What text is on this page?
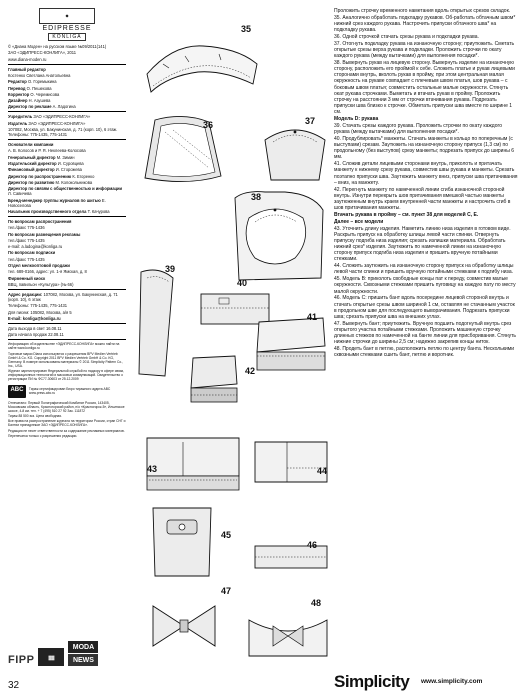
◆
EDIPRESSE
KONLIGA

© «Диана Моден» на русском языке №09/2011(141)

ЗАО «ЭДИПРЕСС-КОНЛИГА», 2011

www.diana-moden.ru

Главный редактор

Костенко Светлана Анатольевна

Редактор О. Горемыкина

Перевод О. Пешехова

Корректор О. Черемисова

Дизайнер Н. Азушева

Директор по рекламе А. Ладогина

Учредитель ЗАО «ЭДИПРЕСС-КОНЛИГА»

Издатель ЗАО «ЭДИПРЕСС-КОНЛИГА»

107082, Москва, ул. Бакунинская, д. 71 (корп. 10), 6 этаж. Телефоны: 775-1435, 775-1431

Основатели компании

А. В. Колосов и Р. Я. Неклеева-Колосова

Генеральный директор М. Зимин

Издательский директор И. Суровцева

Финансовый директор И. Сторожева

Директор по распространению К. Егоренко

Директор по развитию М. Колокольникова

Директор по связям с общественностью и информации Л. Савичева

Бренд-менеджер группы журналов по шитью Е. Новоселова

Начальник производственного отдела Т. Качурова

По вопросам распространения

тел./факс 775-1436

По вопросам размещения рекламы

тел./факс 775-1435

e-mail: a.ladogina@konliga.ru

По вопросам подписки

тел./факс 775-1435

Отдел мелкооптовой продажи

тел. 689-0166, адрес: ул. 1-я Ямская, д. 8

Фирменный киоск

ВВЦ, павильон «Культура» (№ 66)

Адрес редакции: 107082, Москва, ул. Бакунинская, д. 71 (корп. 10), 6 этаж

Телефоны: 775-1435, 775-1431

Для писем: 105082, Москва, а/я 5

E-mail: konliga@konliga.ru

Дата выхода в свет 16.08.11

Дата начала продаж 22.08.11

Информацию об издательстве «ЭДИПРЕСС-КОНЛИГА» можно найти на сайте www.konliga.ru

Торговые марки Diana используются с разрешения BPV Medien Vertrieb GmbH & Co. KG. Copyright 2011 BPV Medien Vertrieb GmbH & Co. KG, Germany. В номере использованы материалы © 2011 Simplicity Pattern Co., Inc., USA.

Журнал зарегистрирован Федеральной службой по надзору в сфере связи, информационных технологий и массовых коммуникаций. Свидетельство о регистрации ПИ № ФС77-30603 от 25.12.2009

ABC	Тираж сертифицирован Бюро тиражного аудита ABC www.press-abc.ru

Отпечатано: Первый Полиграфический Комбинат Россия, 143405, Московская область, Красногорский район, п/о «Красногорск-5», Ильинское шоссе, 4-й км. тел. + 7 (495) 510 27 92 Зак. 111872

Тираж 88 500 экз. Цена свободная.

Все права на распространение журнала на территории России, стран СНГ и Балтии принадлежат ЗАО «ЭДИПРЕСС-КОНЛИГА».

Редакция не несет ответственности за содержание рекламных материалов.

Перепечатка только с разрешения редакции.

FIPP	▓▓
MODA
NEWS
35
36	37
38
39
40
41
42
43	44
45
46
47
48

Проложить строчку временного наметания вдоль открытых срезов складок.

35. Аналогично обработать подкладку рукавов. Об-работать обтачным швом* нижний срез каждого рукава. Настрочить припуски обтачного шва* на подкладку рукава.

36. Одной строчкой стачать срезы рукава и подкладки рукава.

37. Отогнуть подкладку рукава на изнаночную сторону; приутюжить. Сметать открытые срезы верха рукава и подкладки. Проложить строчки по окату каждого рукава (между вытачками) для выполнения посадки*.

38. Вывернуть рукав на лицевую сторону. Вывернуть изделие на изнаночную сторону, расположить его проймой к себе. Сложить платье и рукав лицевыми сторонами внутрь, вколоть рукав в пройму, при этом центральная малая окружность на рукаве совпадает с плечевым швом платья, шов рукава – с боковым швом платья; совместить остальные малые окружности. Стянуть окат рукава строчками. Выметать и втачать рукав в пройму. Проложить строчку на расстоянии 3 мм от строчки втачивания рукава. Подрезать припуски шва близко к строчке. Обметать припуски шва вместе по ширине 1 см.

Модель D: рукава

39. Стачать срезы каждого рукава. Проложить строчки по окату каждого рукава (между вытачками) для выполнения посадки*.

40. Продублировать* манжеты. Стачать манжеты в кольцо по поперечным (с выступами) срезам. Заутюжить на изнаночную сторону припуск (1,3 см) по продольному (без выступов) срезу манжеты; подрезать припуск до ширины 6 мм.

41. Сложив детали лицевыми сторонами внутрь, приколоть и притачать манжету к нижнему срезу рукава, совместив швы рукава и манжеты. Срезать поэтапно припуски шва. Заутюжить манжету вниз, припуски шва притачивания – вниз, на манжету.

42. Перегнуть манжету по намеченной линии сгиба изнаночной стороной внутрь. Изнутри перекрыть шов притачивания вмешкой частью манжеты заутюженным внутрь краем внутренней части манжеты и настрочить сгиб в шов притачивания манжеты.

Втачать рукава в пройму – см. пункт 38 для моделей С, Е.

Далее – все модели

43. Уточнить длину изделия. Наметить линию низа изделия в готовом виде. Раскрыть припуск на обработку шлицы левой части спинки. Отвернуть припуску подгиба низа изделия; срезать излишки материала. Обработать нижний срез* изделия. Заутюжить по намеченной линии на изнаночную сторону припуск подгиба низа изделия и пришить вручную потайными стежками.

44. Сложить заутюжить на изнаночную сторону припуск на обработку шлицы левой части спинки и пришить вручную потайными стежками к подгибу низа.

45. Модель В: приколоть свободные концы пат к переду, совместив малые окружности. Сквозными стежками пришить пуговицу на каждую пату по месту малой окружности.

46. Модель С: пришить бант вдоль посередине лицевой стороной внутрь и стачать открытые срезы швом шириной 1 см, оставляя не стачанным участок в продольном шве для последующего выворачивания. Подрезать припуски шва; срезать припуски шва на внешних углах.

47. Вывернуть бант; приутюжить. Вручную подшить подогнутый внутрь срез открытого участка потайными стежками. Проложить машинную строчку длинных стежков по намеченной на банте линии для присборивания. Стянуть нижние строчки до ширины 2,5 см; надежно закрепив концы ниток.

48. Продеть бант в петлю, расположить петлю по центру банта. Несколькими сквозными стежками сшить бант, петлю и воротник.

32	Simplicity www.simplicity.com
